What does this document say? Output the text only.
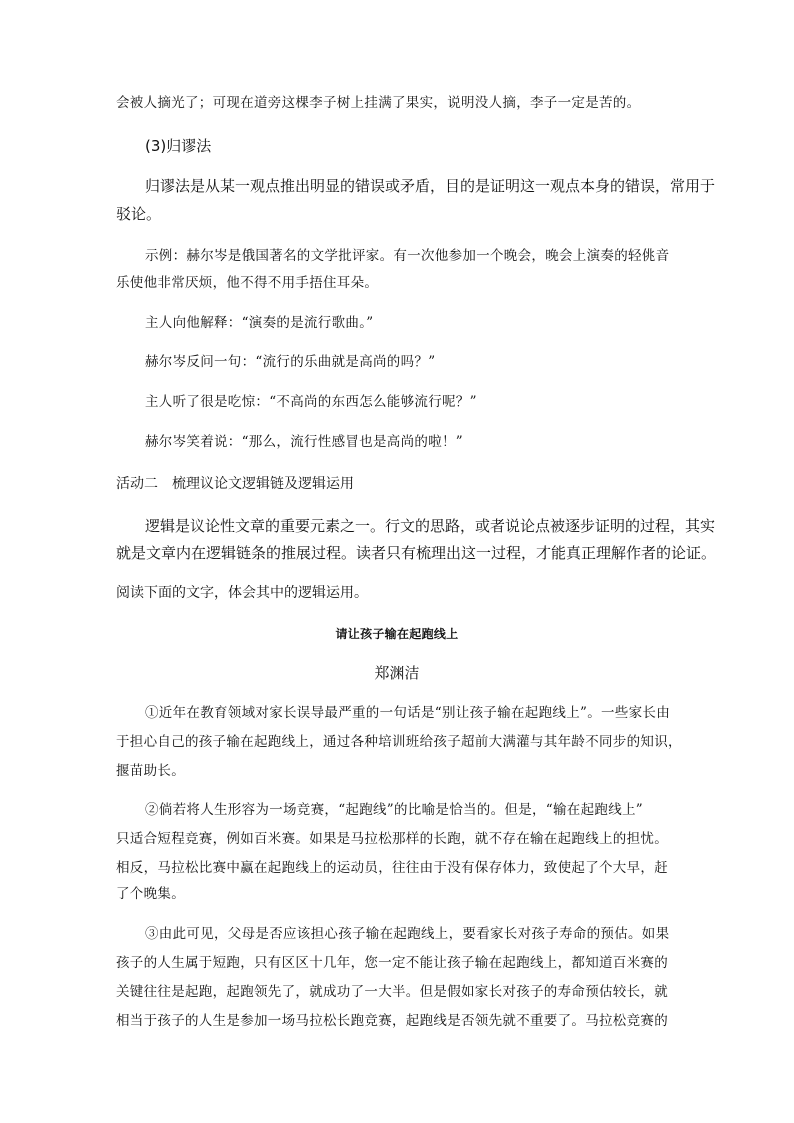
会被人摘光了；可现在道旁这棵李子树上挂满了果实，说明没人摘，李子一定是苦的。
(3)归谬法
归谬法是从某一观点推出明显的错误或矛盾，目的是证明这一观点本身的错误，常用于
驳论。
示例：赫尔岑是俄国著名的文学批评家。有一次他参加一个晚会，晚会上演奏的轻佻音
乐使他非常厌烦，他不得不用手捂住耳朵。
主人向他解释：“演奏的是流行歌曲。”
赫尔岑反问一句：“流行的乐曲就是高尚的吗？”
主人听了很是吃惊：“不高尚的东西怎么能够流行呢？”
赫尔岑笑着说：“那么，流行性感冒也是高尚的啦！”
活动二　梳理议论文逻辑链及逻辑运用
逻辑是议论性文章的重要元素之一。行文的思路，或者说论点被逐步证明的过程，其实
就是文章内在逻辑链条的推展过程。读者只有梳理出这一过程，才能真正理解作者的论证。
阅读下面的文字，体会其中的逻辑运用。
请让孩子输在起跑线上
郑渊洁
①近年在教育领域对家长误导最严重的一句话是“别让孩子输在起跑线上”。一些家长由
于担心自己的孩子输在起跑线上，通过各种培训班给孩子超前大满灌与其年龄不同步的知识，
揠苗助长。
②倘若将人生形容为一场竞赛，“起跑线”的比喻是恰当的。但是，“输在起跑线上”
只适合短程竞赛，例如百米赛。如果是马拉松那样的长跑，就不存在输在起跑线上的担忧。
相反，马拉松比赛中赢在起跑线上的运动员，往往由于没有保存体力，致使起了个大早，赶
了个晚集。
③由此可见，父母是否应该担心孩子输在起跑线上，要看家长对孩子寿命的预估。如果
孩子的人生属于短跑，只有区区十几年，您一定不能让孩子输在起跑线上，都知道百米赛的
关键往往是起跑，起跑领先了，就成功了一大半。但是假如家长对孩子的寿命预估较长，就
相当于孩子的人生是参加一场马拉松长跑竞赛，起跑线是否领先就不重要了。马拉松竞赛的
